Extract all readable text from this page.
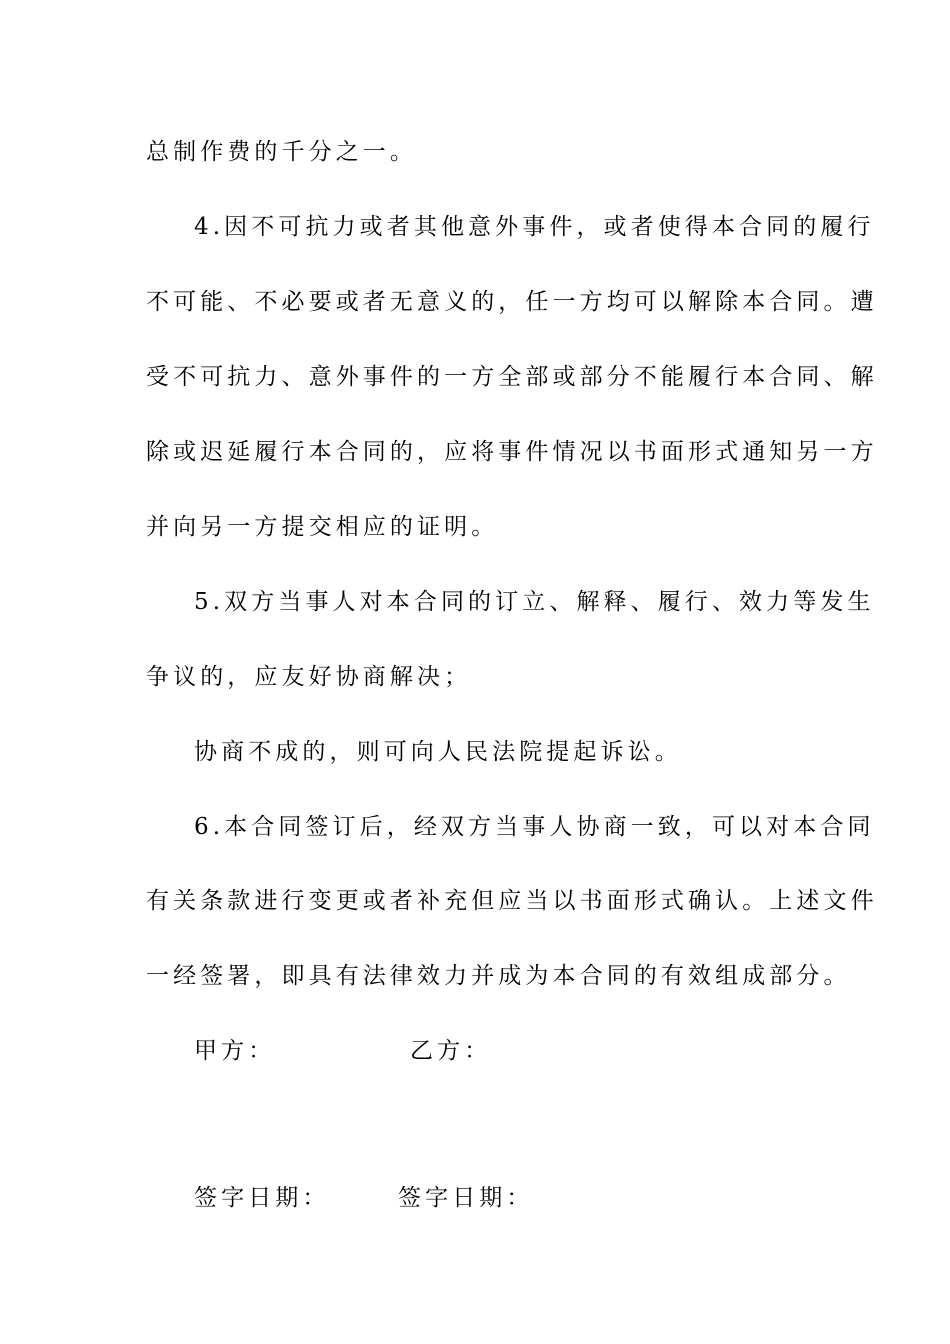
总制作费的千分之一。
4.因不可抗力或者其他意外事件，或者使得本合同的履行
不可能、不必要或者无意义的，任一方均可以解除本合同。遭
受不可抗力、意外事件的一方全部或部分不能履行本合同、解
除或迟延履行本合同的，应将事件情况以书面形式通知另一方
并向另一方提交相应的证明。
5.双方当事人对本合同的订立、解释、履行、效力等发生
争议的，应友好协商解决；
协商不成的，则可向人民法院提起诉讼。
6.本合同签订后，经双方当事人协商一致，可以对本合同
有关条款进行变更或者补充但应当以书面形式确认。上述文件
一经签署，即具有法律效力并成为本合同的有效组成部分。
甲方：	乙方：
签字日期：	签字日期：
